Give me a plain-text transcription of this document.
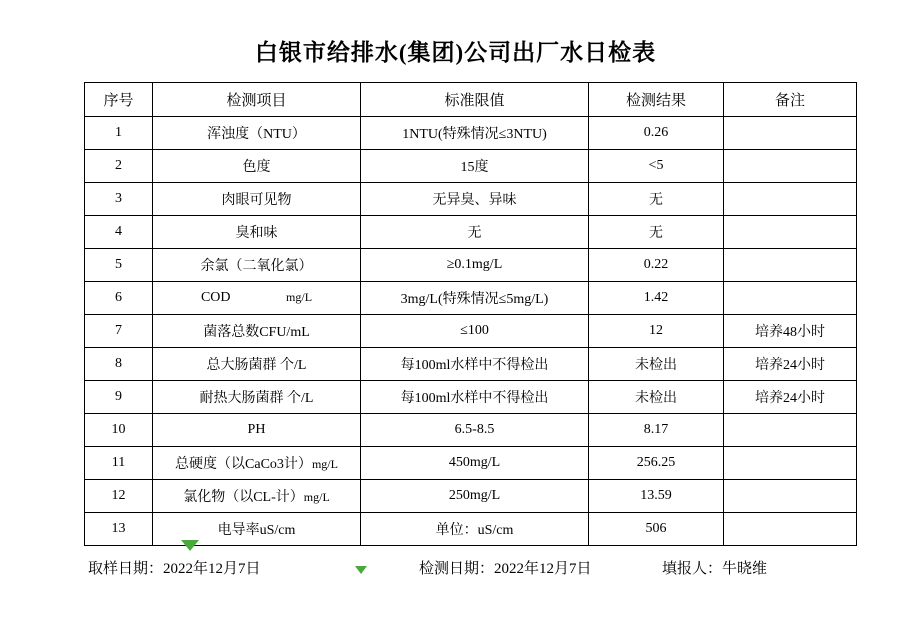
白银市给排水(集团)公司出厂水日检表
序号	检测项目	标准限值	检测结果	备注
1	浑浊度（NTU）	1NTU(特殊情况≤3NTU)	0.26	
2	色度	15度	<5	
3	肉眼可见物	无异臭、异味	无	
4	臭和味	无	无	
5	余氯（二氧化氯）	≥0.1mg/L	0.22	
6	COD mg/L	3mg/L(特殊情况≤5mg/L)	1.42	
7	菌落总数CFU/mL	≤100	12	培养48小时
8	总大肠菌群 个/L	每100ml水样中不得检出	未检出	培养24小时
9	耐热大肠菌群 个/L	每100ml水样中不得检出	未检出	培养24小时
10	PH	6.5-8.5	8.17	
11	总硬度（以CaCo3计）mg/L	450mg/L	256.25	
12	氯化物（以CL-计）mg/L	250mg/L	13.59	
13	电导率uS/cm	单位：uS/cm	506	
取样日期：2022年12月7日	检测日期：2022年12月7日	填报人：牛晓维
